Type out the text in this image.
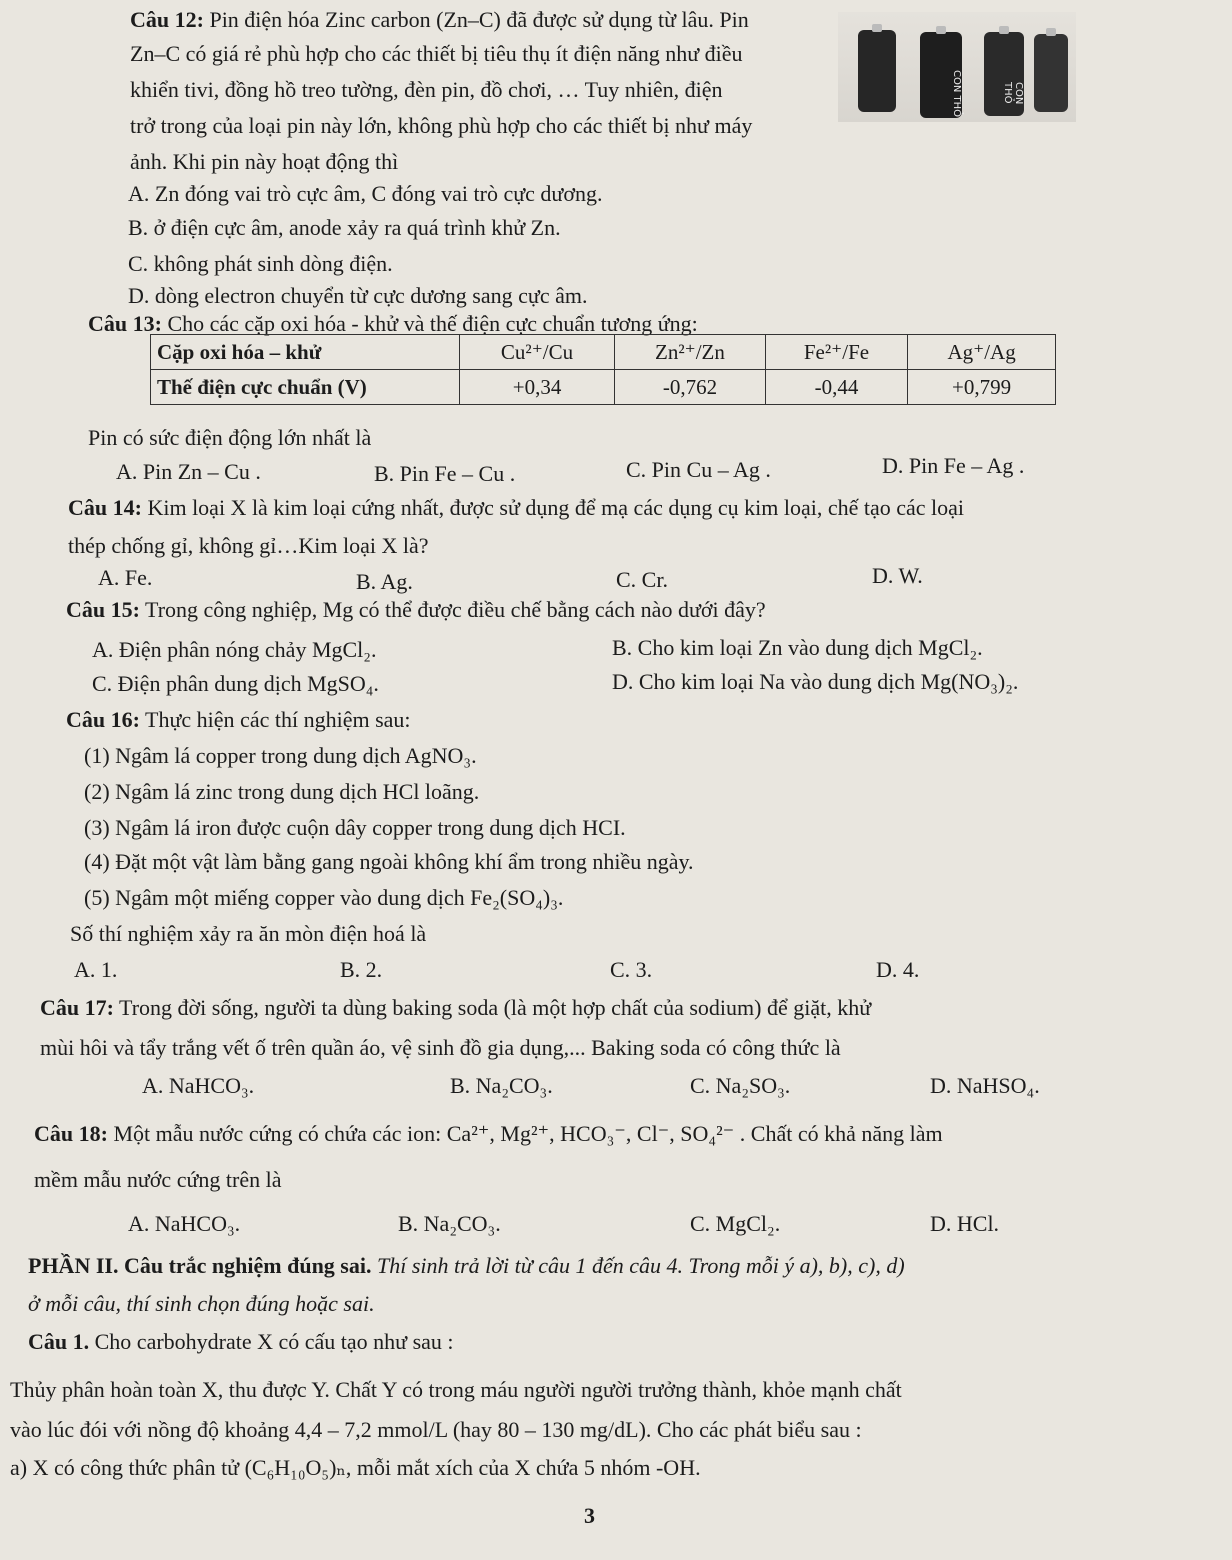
Câu 12: Pin điện hóa Zinc carbon (Zn–C) đã được sử dụng từ lâu. Pin
Zn–C có giá rẻ phù hợp cho các thiết bị tiêu thụ ít điện năng như điều
khiển tivi, đồng hồ treo tường, đèn pin, đồ chơi, … Tuy nhiên, điện
trở trong của loại pin này lớn, không phù hợp cho các thiết bị như máy
ảnh. Khi pin này hoạt động thì
CON THỎ	CON THỎ
A. Zn đóng vai trò cực âm, C đóng vai trò cực dương.
B. ở điện cực âm, anode xảy ra quá trình khử Zn.
C. không phát sinh dòng điện.
D. dòng electron chuyển từ cực dương sang cực âm.
Câu 13: Cho các cặp oxi hóa - khử và thế điện cực chuẩn tương ứng:
Cặp oxi hóa – khử	Cu²⁺/Cu	Zn²⁺/Zn	Fe²⁺/Fe	Ag⁺/Ag
Thế điện cực chuẩn (V)	+0,34	-0,762	-0,44	+0,799
Pin có sức điện động lớn nhất là
A. Pin Zn – Cu .	B. Pin Fe – Cu .	C. Pin Cu – Ag .	D. Pin Fe – Ag .
Câu 14: Kim loại X là kim loại cứng nhất, được sử dụng để mạ các dụng cụ kim loại, chế tạo các loại
thép chống gỉ, không gỉ…Kim loại X là?
A. Fe.	B. Ag.	C. Cr.	D. W.
Câu 15: Trong công nghiệp, Mg có thể được điều chế bằng cách nào dưới đây?
A. Điện phân nóng chảy MgCl₂.	B. Cho kim loại Zn vào dung dịch MgCl₂.
C. Điện phân dung dịch MgSO₄.	D. Cho kim loại Na vào dung dịch Mg(NO₃)₂.
Câu 16: Thực hiện các thí nghiệm sau:
(1) Ngâm lá copper trong dung dịch AgNO₃.
(2) Ngâm lá zinc trong dung dịch HCl loãng.
(3) Ngâm lá iron được cuộn dây copper trong dung dịch HCI.
(4) Đặt một vật làm bằng gang ngoài không khí ẩm trong nhiều ngày.
(5) Ngâm một miếng copper vào dung dịch Fe₂(SO₄)₃.
Số thí nghiệm xảy ra ăn mòn điện hoá là
A. 1.	B. 2.	C. 3.	D. 4.
Câu 17: Trong đời sống, người ta dùng baking soda (là một hợp chất của sodium) để giặt, khử
mùi hôi và tẩy trắng vết ố trên quần áo, vệ sinh đồ gia dụng,... Baking soda có công thức là
A. NaHCO₃.	B. Na₂CO₃.	C. Na₂SO₃.	D. NaHSO₄.
Câu 18: Một mẫu nước cứng có chứa các ion: Ca²⁺, Mg²⁺, HCO₃⁻, Cl⁻, SO₄²⁻ . Chất có khả năng làm
mềm mẫu nước cứng trên là
A. NaHCO₃.	B. Na₂CO₃.	C. MgCl₂.	D. HCl.
PHẦN II. Câu trắc nghiệm đúng sai. Thí sinh trả lời từ câu 1 đến câu 4. Trong mỗi ý a), b), c), d)
ở mỗi câu, thí sinh chọn đúng hoặc sai.
Câu 1. Cho carbohydrate X có cấu tạo như sau :
Thủy phân hoàn toàn X, thu được Y. Chất Y có trong máu người người trưởng thành, khỏe mạnh chất
vào lúc đói với nồng độ khoảng 4,4 – 7,2 mmol/L (hay 80 – 130 mg/dL). Cho các phát biểu sau :
a) X có công thức phân tử (C₆H₁₀O₅)ₙ, mỗi mắt xích của X chứa 5 nhóm -OH.
3
